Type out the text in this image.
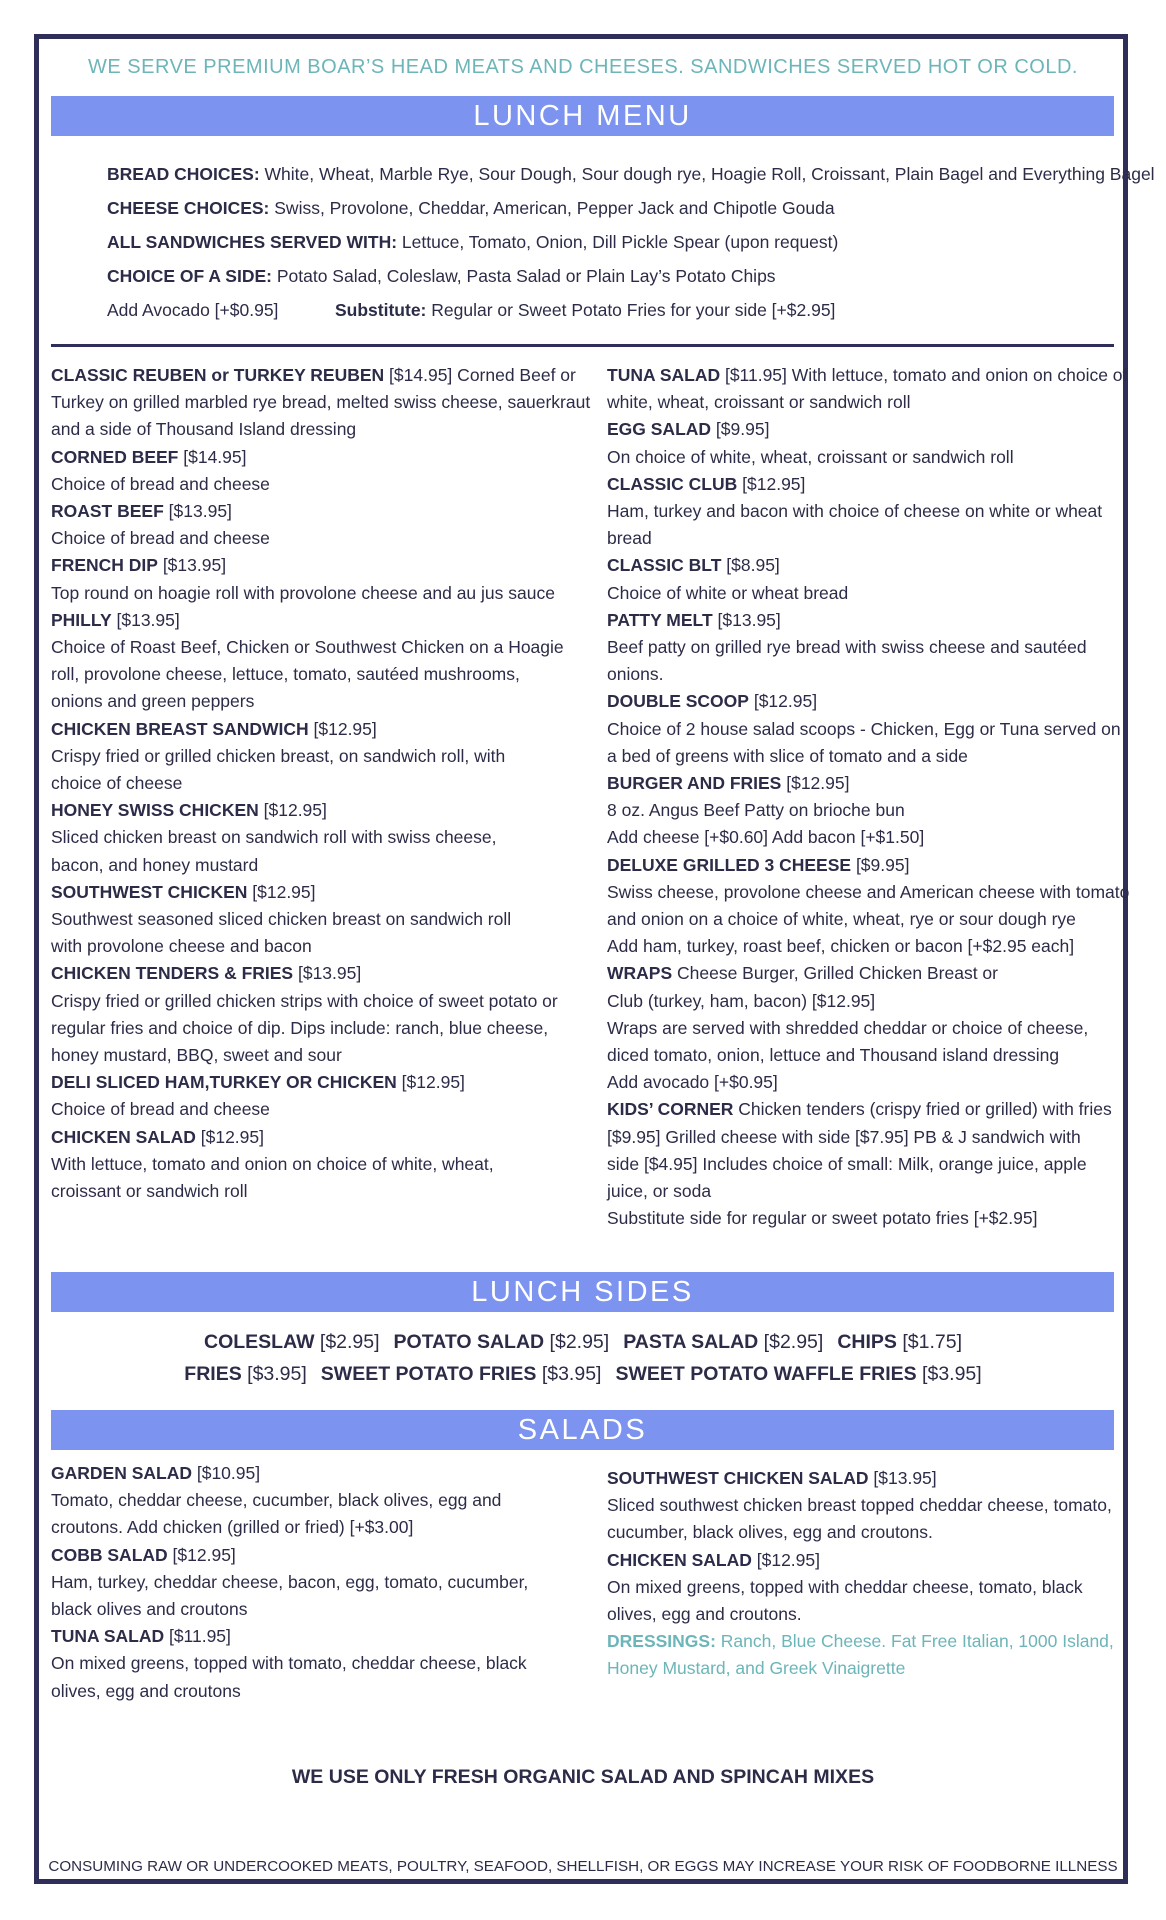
WE SERVE PREMIUM BOAR’S HEAD MEATS AND CHEESES. SANDWICHES SERVED HOT OR COLD.
LUNCH MENU
BREAD CHOICES: White, Wheat, Marble Rye, Sour Dough, Sour dough rye, Hoagie Roll, Croissant, Plain Bagel and Everything Bagel
CHEESE CHOICES: Swiss, Provolone, Cheddar, American, Pepper Jack and Chipotle Gouda
ALL SANDWICHES SERVED WITH: Lettuce, Tomato, Onion, Dill Pickle Spear (upon request)
CHOICE OF A SIDE: Potato Salad, Coleslaw, Pasta Salad or Plain Lay’s Potato Chips
Add Avocado [+$0.95]	Substitute: Regular or Sweet Potato Fries for your side [+$2.95]
CLASSIC REUBEN or TURKEY REUBEN [$14.95] Corned Beef or
Turkey on grilled marbled rye bread, melted swiss cheese, sauerkraut
and a side of Thousand Island dressing
CORNED BEEF [$14.95]
Choice of bread and cheese
ROAST BEEF [$13.95]
Choice of bread and cheese
FRENCH DIP [$13.95]
Top round on hoagie roll with provolone cheese and au jus sauce
PHILLY [$13.95]
Choice of Roast Beef, Chicken or Southwest Chicken on a Hoagie
roll, provolone cheese, lettuce, tomato, sautéed mushrooms,
onions and green peppers
CHICKEN BREAST SANDWICH [$12.95]
Crispy fried or grilled chicken breast, on sandwich roll, with
choice of cheese
HONEY SWISS CHICKEN [$12.95]
Sliced chicken breast on sandwich roll with swiss cheese,
bacon, and honey mustard
SOUTHWEST CHICKEN [$12.95]
Southwest seasoned sliced chicken breast on sandwich roll
with provolone cheese and bacon
CHICKEN TENDERS & FRIES [$13.95]
Crispy fried or grilled chicken strips with choice of sweet potato or
regular fries and choice of dip. Dips include: ranch, blue cheese,
honey mustard, BBQ, sweet and sour
DELI SLICED HAM,TURKEY OR CHICKEN [$12.95]
Choice of bread and cheese
CHICKEN SALAD [$12.95]
With lettuce, tomato and onion on choice of white, wheat,
croissant or sandwich roll
TUNA SALAD [$11.95] With lettuce, tomato and onion on choice of
white, wheat, croissant or sandwich roll
EGG SALAD [$9.95]
On choice of white, wheat, croissant or sandwich roll
CLASSIC CLUB [$12.95]
Ham, turkey and bacon with choice of cheese on white or wheat
bread
CLASSIC BLT [$8.95]
Choice of white or wheat bread
PATTY MELT [$13.95]
Beef patty on grilled rye bread with swiss cheese and sautéed
onions.
DOUBLE SCOOP [$12.95]
Choice of 2 house salad scoops - Chicken, Egg or Tuna served on
a bed of greens with slice of tomato and a side
BURGER AND FRIES [$12.95]
8 oz. Angus Beef Patty on brioche bun
Add cheese [+$0.60] Add bacon [+$1.50]
DELUXE GRILLED 3 CHEESE [$9.95]
Swiss cheese, provolone cheese and American cheese with tomato
and onion on a choice of white, wheat, rye or sour dough rye
Add ham, turkey, roast beef, chicken or bacon [+$2.95 each]
WRAPS Cheese Burger, Grilled Chicken Breast or
Club (turkey, ham, bacon) [$12.95]
Wraps are served with shredded cheddar or choice of cheese,
diced tomato, onion, lettuce and Thousand island dressing
Add avocado [+$0.95]
KIDS’ CORNER Chicken tenders (crispy fried or grilled) with fries
[$9.95] Grilled cheese with side [$7.95] PB & J sandwich with
side [$4.95] Includes choice of small: Milk, orange juice, apple
juice, or soda
Substitute side for regular or sweet potato fries [+$2.95]
LUNCH SIDES
COLESLAW [$2.95] POTATO SALAD [$2.95] PASTA SALAD [$2.95] CHIPS [$1.75]
FRIES [$3.95] SWEET POTATO FRIES [$3.95] SWEET POTATO WAFFLE FRIES [$3.95]
SALADS
GARDEN SALAD [$10.95]
Tomato, cheddar cheese, cucumber, black olives, egg and
croutons. Add chicken (grilled or fried) [+$3.00]
COBB SALAD [$12.95]
Ham, turkey, cheddar cheese, bacon, egg, tomato, cucumber,
black olives and croutons
TUNA SALAD [$11.95]
On mixed greens, topped with tomato, cheddar cheese, black
olives, egg and croutons
SOUTHWEST CHICKEN SALAD [$13.95]
Sliced southwest chicken breast topped cheddar cheese, tomato,
cucumber, black olives, egg and croutons.
CHICKEN SALAD [$12.95]
On mixed greens, topped with cheddar cheese, tomato, black
olives, egg and croutons.
DRESSINGS: Ranch, Blue Cheese. Fat Free Italian, 1000 Island,
Honey Mustard, and Greek Vinaigrette
WE USE ONLY FRESH ORGANIC SALAD AND SPINCAH MIXES
CONSUMING RAW OR UNDERCOOKED MEATS, POULTRY, SEAFOOD, SHELLFISH, OR EGGS MAY INCREASE YOUR RISK OF FOODBORNE ILLNESS
